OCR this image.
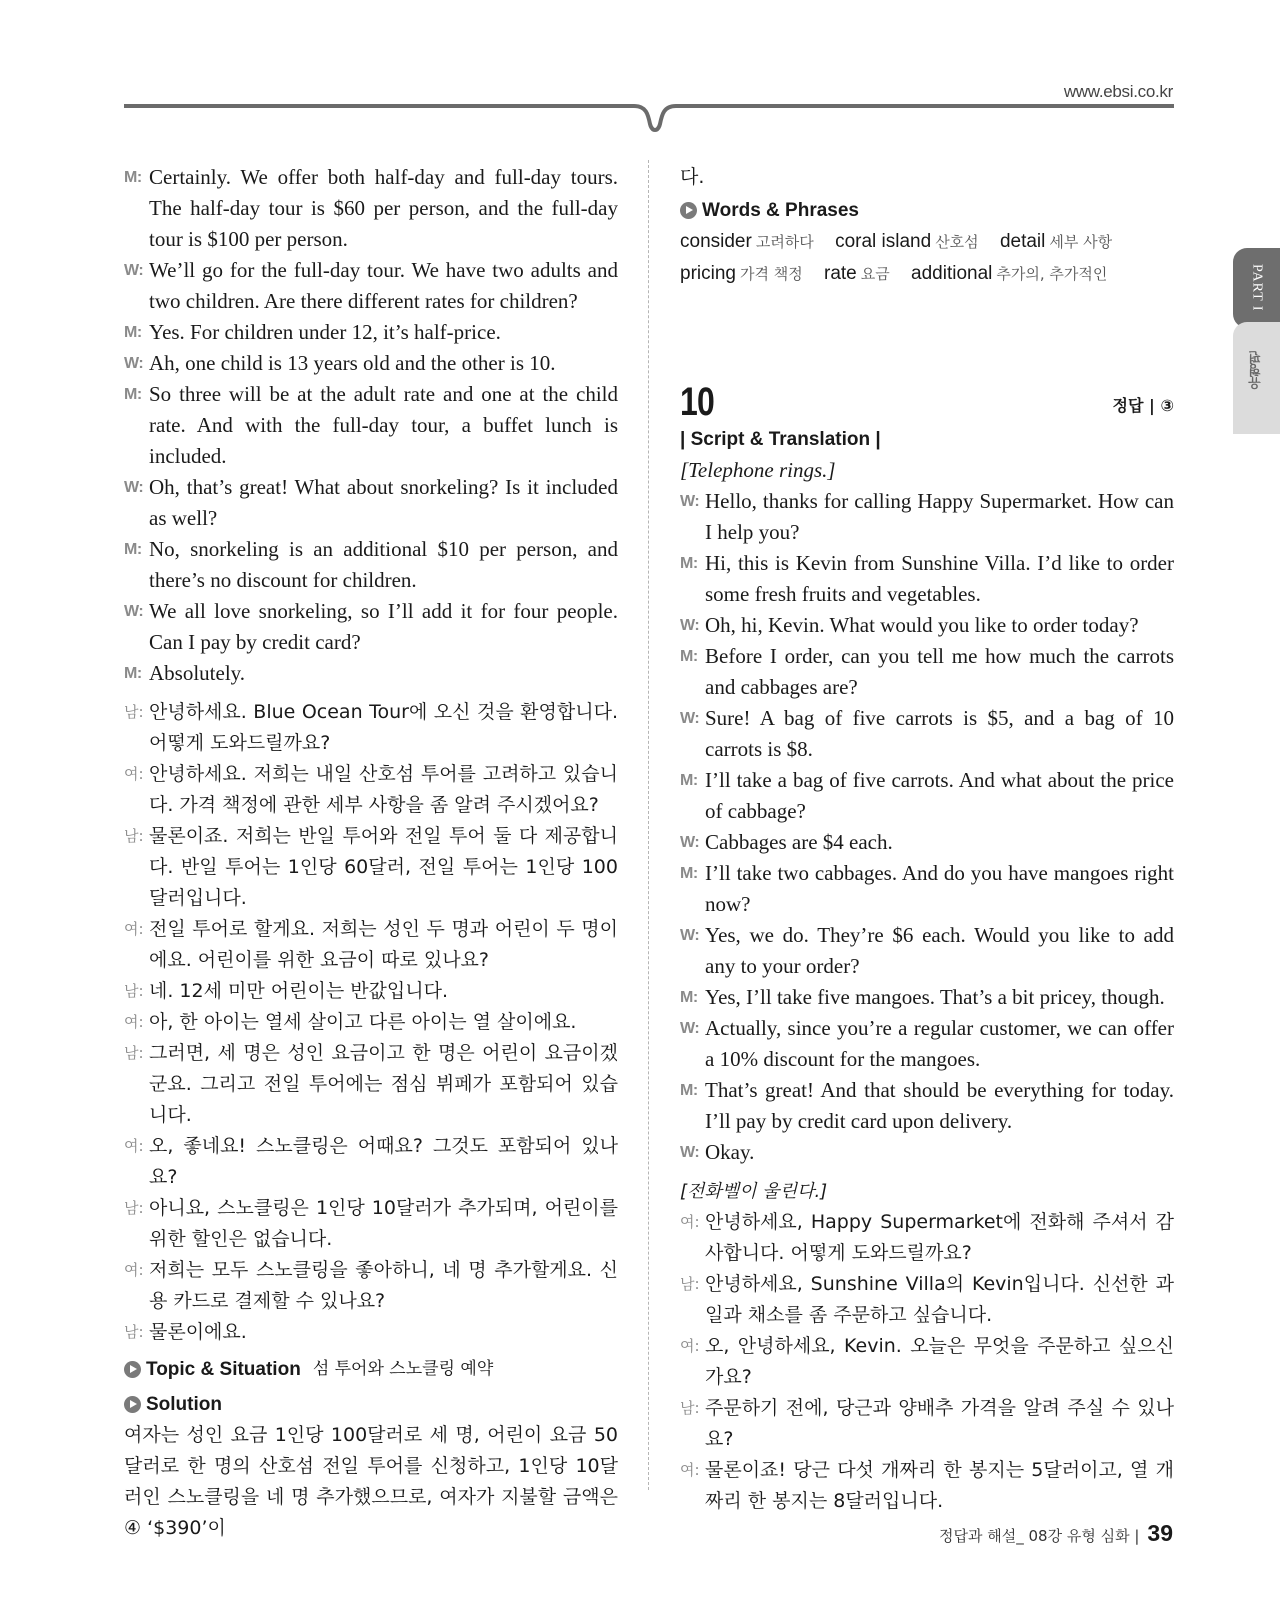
www.ebsi.co.kr
PART I
유형편
M: Certainly. We offer both half-day and full-day tours. The half-day tour is $60 per person, and the full-day tour is $100 per person.
W: We’ll go for the full-day tour. We have two adults and two children. Are there different rates for children?
M: Yes. For children under 12, it’s half-price.
W: Ah, one child is 13 years old and the other is 10.
M: So three will be at the adult rate and one at the child rate. And with the full-day tour, a buffet lunch is included.
W: Oh, that’s great! What about snorkeling? Is it included as well?
M: No, snorkeling is an additional $10 per person, and there’s no discount for children.
W: We all love snorkeling, so I’ll add it for four people. Can I pay by credit card?
M: Absolutely.
남: 안녕하세요. Blue Ocean Tour에 오신 것을 환영합니다. 어떻게 도와드릴까요?
여: 안녕하세요. 저희는 내일 산호섬 투어를 고려하고 있습니다. 가격 책정에 관한 세부 사항을 좀 알려 주시겠어요?
남: 물론이죠. 저희는 반일 투어와 전일 투어 둘 다 제공합니다. 반일 투어는 1인당 60달러, 전일 투어는 1인당 100달러입니다.
여: 전일 투어로 할게요. 저희는 성인 두 명과 어린이 두 명이에요. 어린이를 위한 요금이 따로 있나요?
남: 네. 12세 미만 어린이는 반값입니다.
여: 아, 한 아이는 열세 살이고 다른 아이는 열 살이에요.
남: 그러면, 세 명은 성인 요금이고 한 명은 어린이 요금이겠군요. 그리고 전일 투어에는 점심 뷔페가 포함되어 있습니다.
여: 오, 좋네요! 스노클링은 어때요? 그것도 포함되어 있나요?
남: 아니요, 스노클링은 1인당 10달러가 추가되며, 어린이를 위한 할인은 없습니다.
여: 저희는 모두 스노클링을 좋아하니, 네 명 추가할게요. 신용 카드로 결제할 수 있나요?
남: 물론이에요.
Topic & Situation 섬 투어와 스노클링 예약
Solution
여자는 성인 요금 1인당 100달러로 세 명, 어린이 요금 50달러로 한 명의 산호섬 전일 투어를 신청하고, 1인당 10달러인 스노클링을 네 명 추가했으므로, 여자가 지불할 금액은 ④ ‘$390’이
다.
Words & Phrases
consider 고려하다 coral island 산호섬 detail 세부 사항
pricing 가격 책정 rate 요금 additional 추가의, 추가적인
10	정답 | ③
| Script & Translation |
[Telephone rings.]
W: Hello, thanks for calling Happy Supermarket. How can I help you?
M: Hi, this is Kevin from Sunshine Villa. I’d like to order some fresh fruits and vegetables.
W: Oh, hi, Kevin. What would you like to order today?
M: Before I order, can you tell me how much the carrots and cabbages are?
W: Sure! A bag of five carrots is $5, and a bag of 10 carrots is $8.
M: I’ll take a bag of five carrots. And what about the price of cabbage?
W: Cabbages are $4 each.
M: I’ll take two cabbages. And do you have mangoes right now?
W: Yes, we do. They’re $6 each. Would you like to add any to your order?
M: Yes, I’ll take five mangoes. That’s a bit pricey, though.
W: Actually, since you’re a regular customer, we can offer a 10% discount for the mangoes.
M: That’s great! And that should be everything for today. I’ll pay by credit card upon delivery.
W: Okay.
[전화벨이 울린다.]
여: 안녕하세요, Happy Supermarket에 전화해 주셔서 감사합니다. 어떻게 도와드릴까요?
남: 안녕하세요, Sunshine Villa의 Kevin입니다. 신선한 과일과 채소를 좀 주문하고 싶습니다.
여: 오, 안녕하세요, Kevin. 오늘은 무엇을 주문하고 싶으신가요?
남: 주문하기 전에, 당근과 양배추 가격을 알려 주실 수 있나요?
여: 물론이죠! 당근 다섯 개짜리 한 봉지는 5달러이고, 열 개짜리 한 봉지는 8달러입니다.
정답과 해설_ 08강 유형 심화 | 39
